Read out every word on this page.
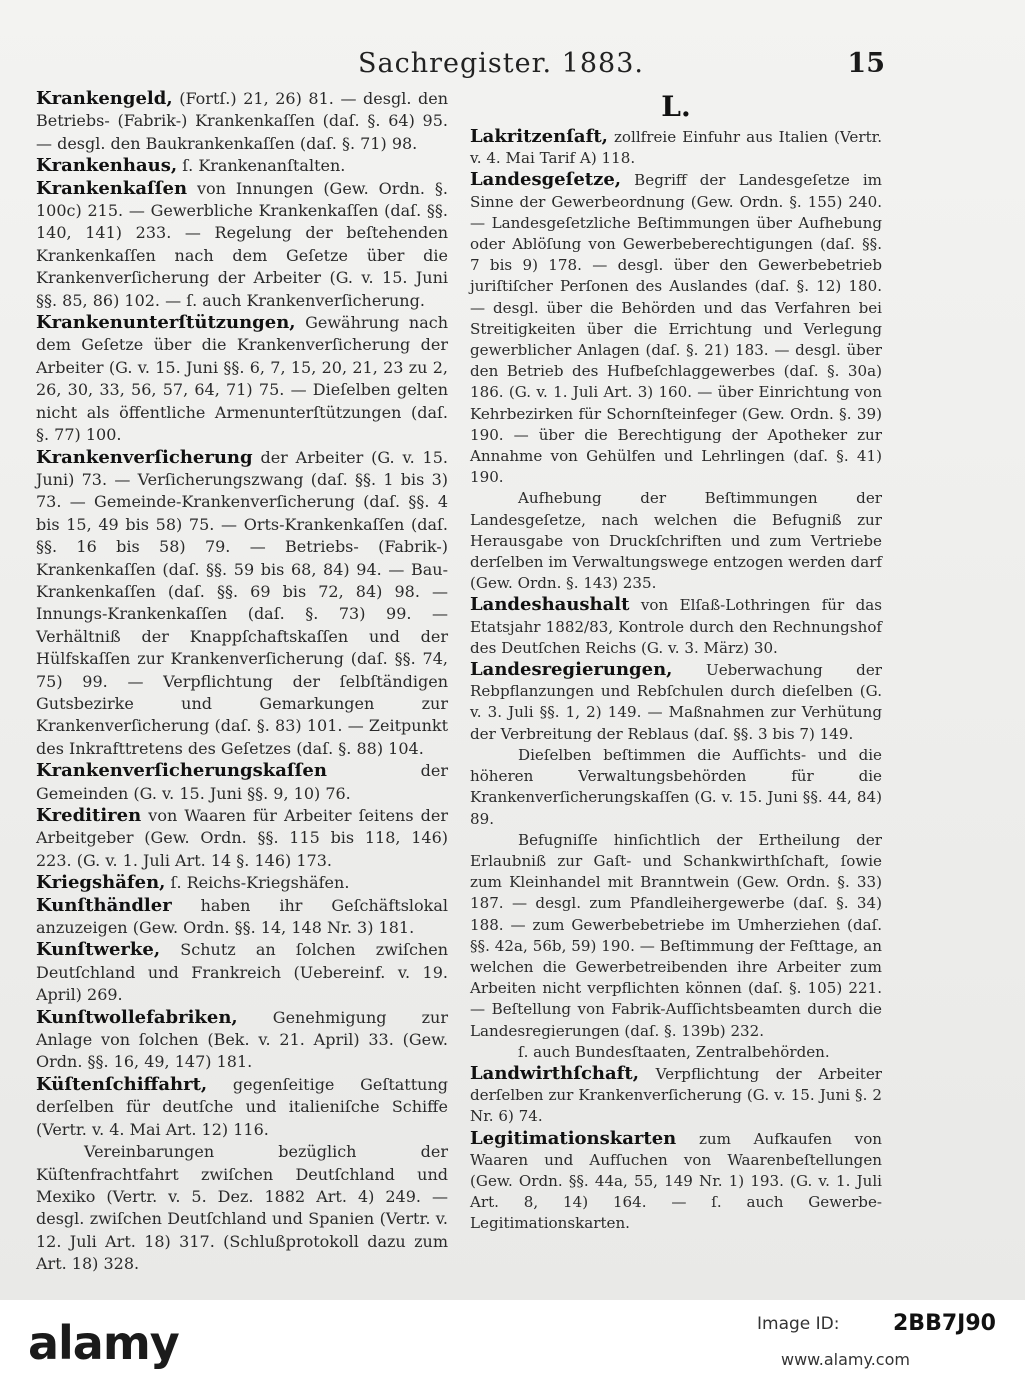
Sachregister. 1883.	15
Krankengeld, (Fortſ.) 21, 26) 81. — desgl. den Betriebs- (Fabrik-) Krankenkaſſen (daſ. §. 64) 95. — desgl. den Baukrankenkaſſen (daſ. §. 71) 98.
Krankenhaus, ſ. Krankenanſtalten.
Krankenkaſſen von Innungen (Gew. Ordn. §. 100c) 215. — Gewerbliche Krankenkaſſen (daſ. §§. 140, 141) 233. — Regelung der beſtehenden Krankenkaſſen nach dem Geſetze über die Krankenverſicherung der Arbeiter (G. v. 15. Juni §§. 85, 86) 102. — ſ. auch Krankenverſicherung.
Krankenunterſtützungen, Gewährung nach dem Geſetze über die Krankenverſicherung der Arbeiter (G. v. 15. Juni §§. 6, 7, 15, 20, 21, 23 zu 2, 26, 30, 33, 56, 57, 64, 71) 75. — Dieſelben gelten nicht als öffentliche Armenunterſtützungen (daſ. §. 77) 100.
Krankenverſicherung der Arbeiter (G. v. 15. Juni) 73. — Verſicherungszwang (daſ. §§. 1 bis 3) 73. — Gemeinde-Krankenverſicherung (daſ. §§. 4 bis 15, 49 bis 58) 75. — Orts-Krankenkaſſen (daſ. §§. 16 bis 58) 79. — Betriebs- (Fabrik-) Krankenkaſſen (daſ. §§. 59 bis 68, 84) 94. — Bau-Krankenkaſſen (daſ. §§. 69 bis 72, 84) 98. — Innungs-Krankenkaſſen (daſ. §. 73) 99. — Verhältniß der Knappſchaftskaſſen und der Hülfskaſſen zur Krankenverſicherung (daſ. §§. 74, 75) 99. — Verpflichtung der ſelbſtändigen Gutsbezirke und Gemarkungen zur Krankenverſicherung (daſ. §. 83) 101. — Zeitpunkt des Inkrafttretens des Geſetzes (daſ. §. 88) 104.
Krankenverſicherungskaſſen der Gemeinden (G. v. 15. Juni §§. 9, 10) 76.
Kreditiren von Waaren für Arbeiter ſeitens der Arbeitgeber (Gew. Ordn. §§. 115 bis 118, 146) 223. (G. v. 1. Juli Art. 14 §. 146) 173.
Kriegshäfen, ſ. Reichs-Kriegshäfen.
Kunſthändler haben ihr Geſchäftslokal anzuzeigen (Gew. Ordn. §§. 14, 148 Nr. 3) 181.
Kunſtwerke, Schutz an ſolchen zwiſchen Deutſchland und Frankreich (Uebereinf. v. 19. April) 269.
Kunſtwollefabriken, Genehmigung zur Anlage von ſolchen (Bek. v. 21. April) 33. (Gew. Ordn. §§. 16, 49, 147) 181.
Küſtenſchiffahrt, gegenſeitige Geſtattung derſelben für deutſche und italieniſche Schiffe (Vertr. v. 4. Mai Art. 12) 116.

Vereinbarungen bezüglich der Küſtenfrachtfahrt zwiſchen Deutſchland und Mexiko (Vertr. v. 5. Dez. 1882 Art. 4) 249. — desgl. zwiſchen Deutſchland und Spanien (Vertr. v. 12. Juli Art. 18) 317. (Schlußprotokoll dazu zum Art. 18) 328.

L.
Lakritzenſaft, zollfreie Einfuhr aus Italien (Vertr. v. 4. Mai Tarif A) 118.
Landesgeſetze, Begriff der Landesgeſetze im Sinne der Gewerbeordnung (Gew. Ordn. §. 155) 240. — Landesgeſetzliche Beſtimmungen über Aufhebung oder Ablöſung von Gewerbeberechtigungen (daſ. §§. 7 bis 9) 178. — desgl. über den Gewerbebetrieb juriſtiſcher Perſonen des Auslandes (daſ. §. 12) 180. — desgl. über die Behörden und das Verfahren bei Streitigkeiten über die Errichtung und Verlegung gewerblicher Anlagen (daſ. §. 21) 183. — desgl. über den Betrieb des Hufbeſchlaggewerbes (daſ. §. 30a) 186. (G. v. 1. Juli Art. 3) 160. — über Einrichtung von Kehrbezirken für Schornſteinfeger (Gew. Ordn. §. 39) 190. — über die Berechtigung der Apotheker zur Annahme von Gehülfen und Lehrlingen (daſ. §. 41) 190.

Aufhebung der Beſtimmungen der Landesgeſetze, nach welchen die Befugniß zur Herausgabe von Druckſchriften und zum Vertriebe derſelben im Verwaltungswege entzogen werden darf (Gew. Ordn. §. 143) 235.

Landeshaushalt von Elſaß-Lothringen für das Etatsjahr 1882/83, Kontrole durch den Rechnungshof des Deutſchen Reichs (G. v. 3. März) 30.
Landesregierungen, Ueberwachung der Rebpflanzungen und Rebſchulen durch dieſelben (G. v. 3. Juli §§. 1, 2) 149. — Maßnahmen zur Verhütung der Verbreitung der Reblaus (daſ. §§. 3 bis 7) 149.

Dieſelben beſtimmen die Aufſichts- und die höheren Verwaltungsbehörden für die Krankenverſicherungskaſſen (G. v. 15. Juni §§. 44, 84) 89.

Befugniſſe hinſichtlich der Ertheilung der Erlaubniß zur Gaſt- und Schankwirthſchaft, ſowie zum Kleinhandel mit Branntwein (Gew. Ordn. §. 33) 187. — desgl. zum Pfandleihergewerbe (daſ. §. 34) 188. — zum Gewerbebetriebe im Umherziehen (daſ. §§. 42a, 56b, 59) 190. — Beſtimmung der Feſttage, an welchen die Gewerbetreibenden ihre Arbeiter zum Arbeiten nicht verpflichten können (daſ. §. 105) 221. — Beſtellung von Fabrik-Aufſichtsbeamten durch die Landesregierungen (daſ. §. 139b) 232.

ſ. auch Bundesſtaaten, Zentralbehörden.

Landwirthſchaft, Verpflichtung der Arbeiter derſelben zur Krankenverſicherung (G. v. 15. Juni §. 2 Nr. 6) 74.
Legitimationskarten zum Aufkaufen von Waaren und Aufſuchen von Waarenbeſtellungen (Gew. Ordn. §§. 44a, 55, 149 Nr. 1) 193. (G. v. 1. Juli Art. 8, 14) 164. — ſ. auch Gewerbe-Legitimationskarten.
alamy	Image ID: 2BB7J90
www.alamy.com
